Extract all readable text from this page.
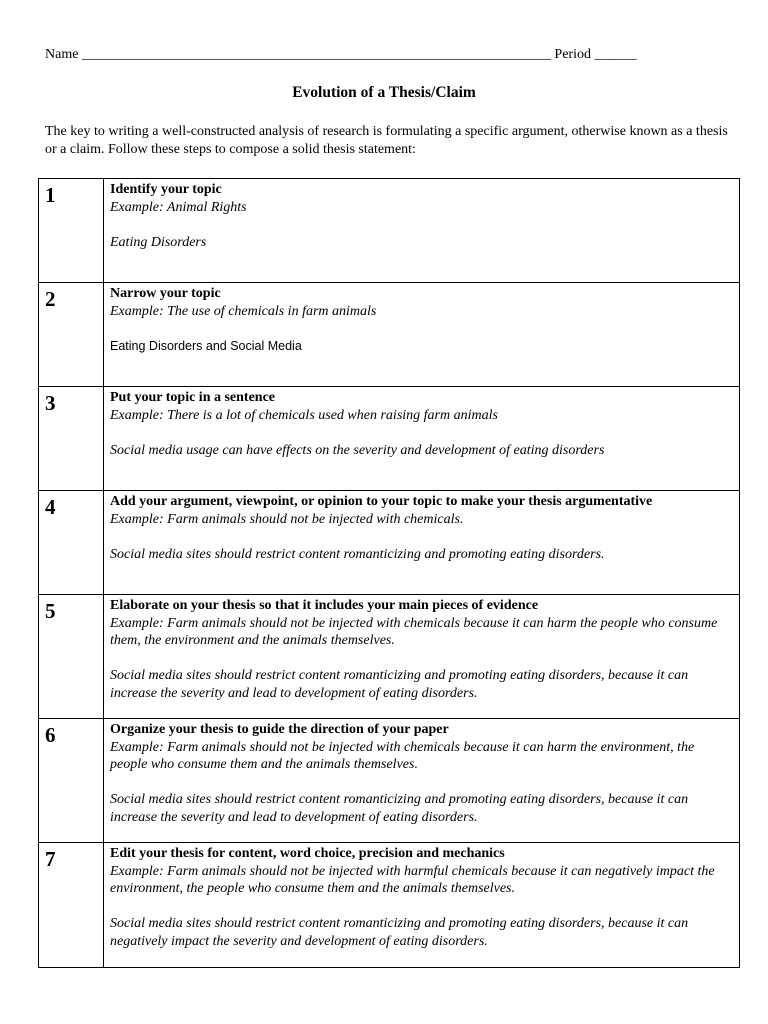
Name ___________________________________________________________________ Period ______
Evolution of a Thesis/Claim
The key to writing a well-constructed analysis of research is formulating a specific argument, otherwise known as a thesis or a claim. Follow these steps to compose a solid thesis statement:
1	Identify your topic
Example: Animal Rights
Eating Disorders

2	Narrow your topic
Example: The use of chemicals in farm animals
Eating Disorders and Social Media

3	Put your topic in a sentence
Example: There is a lot of chemicals used when raising farm animals
Social media usage can have effects on the severity and development of eating disorders

4	Add your argument, viewpoint, or opinion to your topic to make your thesis argumentative
Example: Farm animals should not be injected with chemicals.
Social media sites should restrict content romanticizing and promoting eating disorders.

5	Elaborate on your thesis so that it includes your main pieces of evidence
Example: Farm animals should not be injected with chemicals because it can harm the people who consume them, the environment and the animals themselves.
Social media sites should restrict content romanticizing and promoting eating disorders, because it can increase the severity and lead to development of eating disorders.

6	Organize your thesis to guide the direction of your paper
Example: Farm animals should not be injected with chemicals because it can harm the environment, the people who consume them and the animals themselves.
Social media sites should restrict content romanticizing and promoting eating disorders, because it can increase the severity and lead to development of eating disorders.

7	Edit your thesis for content, word choice, precision and mechanics
Example: Farm animals should not be injected with harmful chemicals because it can negatively impact the environment, the people who consume them and the animals themselves.
Social media sites should restrict content romanticizing and promoting eating disorders, because it can negatively impact the severity and development of eating disorders.
